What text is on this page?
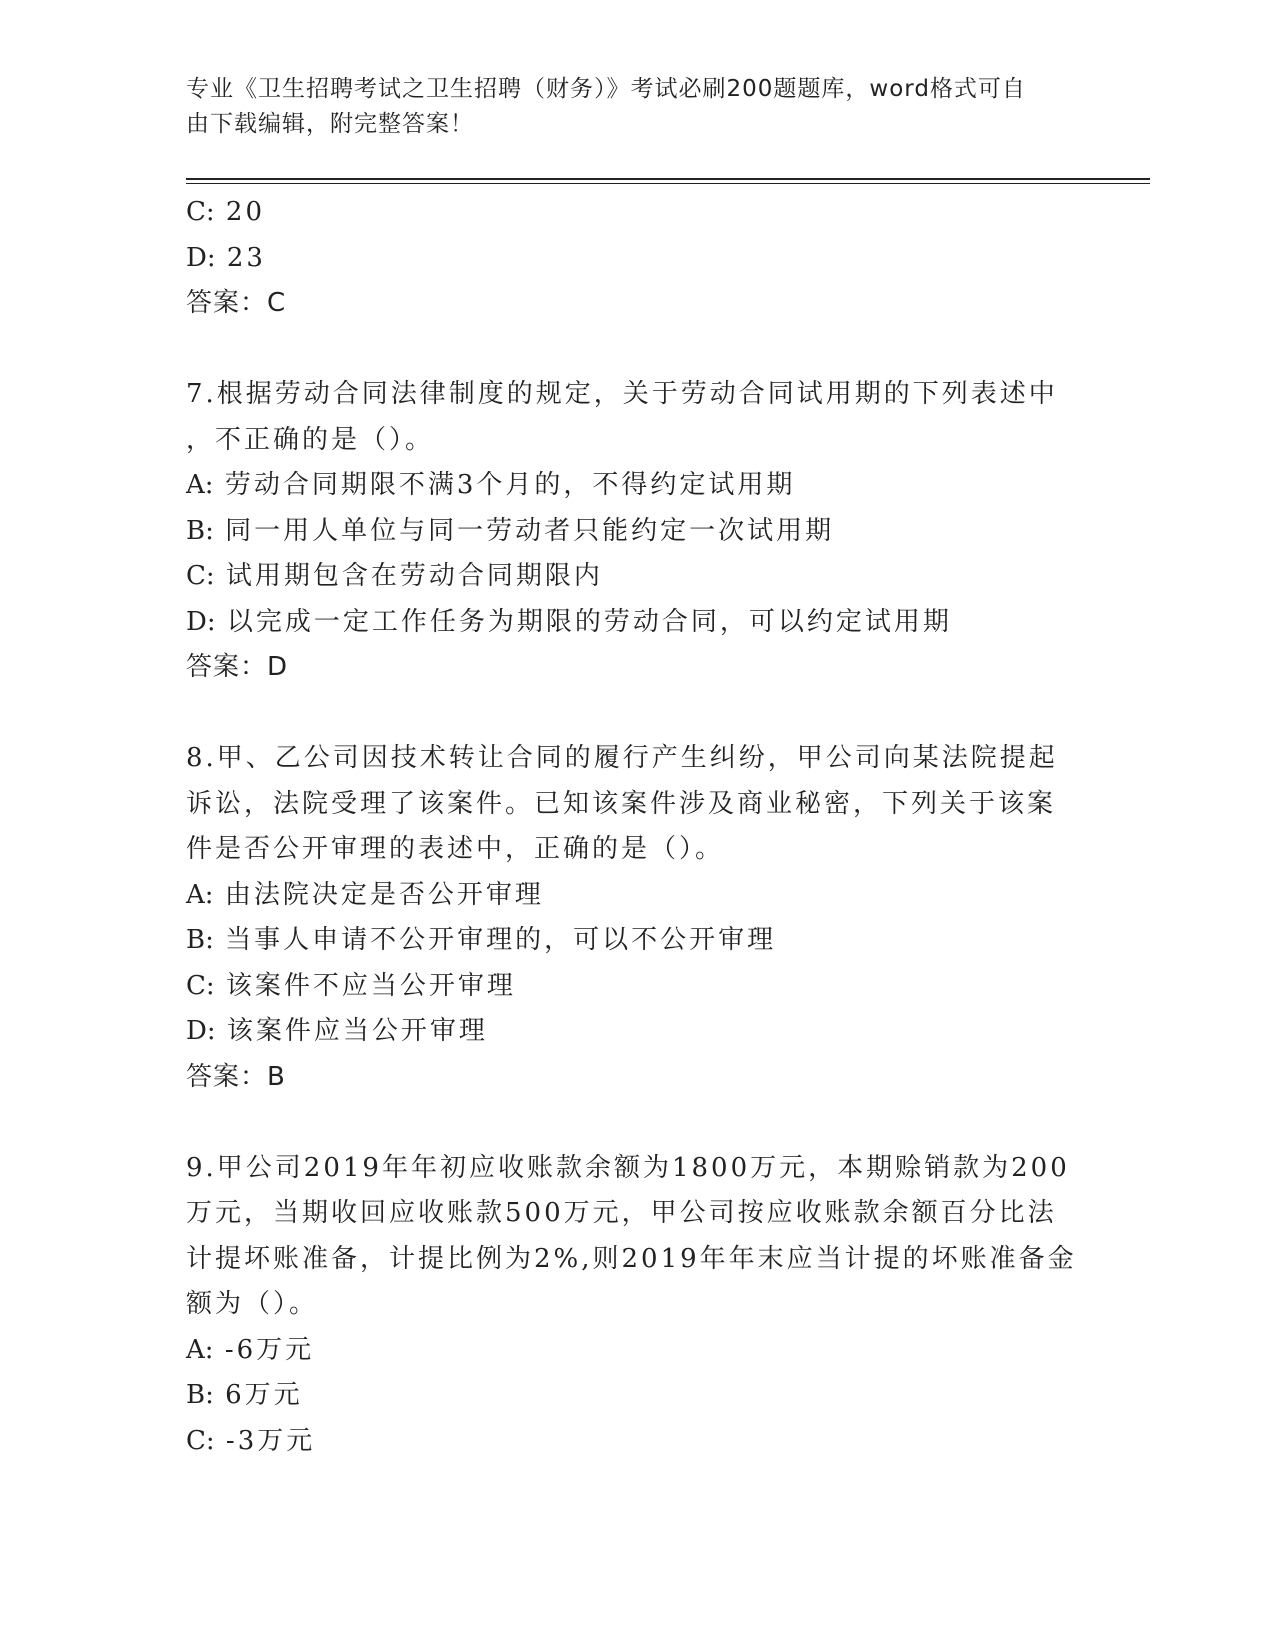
专业《卫生招聘考试之卫生招聘（财务）》考试必刷200题题库，word格式可自
由下载编辑，附完整答案！
C: 20
D: 23
答案：C
7.根据劳动合同法律制度的规定，关于劳动合同试用期的下列表述中
，不正确的是（）。
A: 劳动合同期限不满3个月的，不得约定试用期
B: 同一用人单位与同一劳动者只能约定一次试用期
C: 试用期包含在劳动合同期限内
D: 以完成一定工作任务为期限的劳动合同，可以约定试用期
答案：D
8.甲、乙公司因技术转让合同的履行产生纠纷，甲公司向某法院提起
诉讼，法院受理了该案件。已知该案件涉及商业秘密，下列关于该案
件是否公开审理的表述中，正确的是（）。
A: 由法院决定是否公开审理
B: 当事人申请不公开审理的，可以不公开审理
C: 该案件不应当公开审理
D: 该案件应当公开审理
答案：B
9.甲公司2019年年初应收账款余额为1800万元，本期赊销款为200
万元，当期收回应收账款500万元，甲公司按应收账款余额百分比法
计提坏账准备，计提比例为2%,则2019年年末应当计提的坏账准备金
额为（）。
A: -6万元
B: 6万元
C: -3万元
